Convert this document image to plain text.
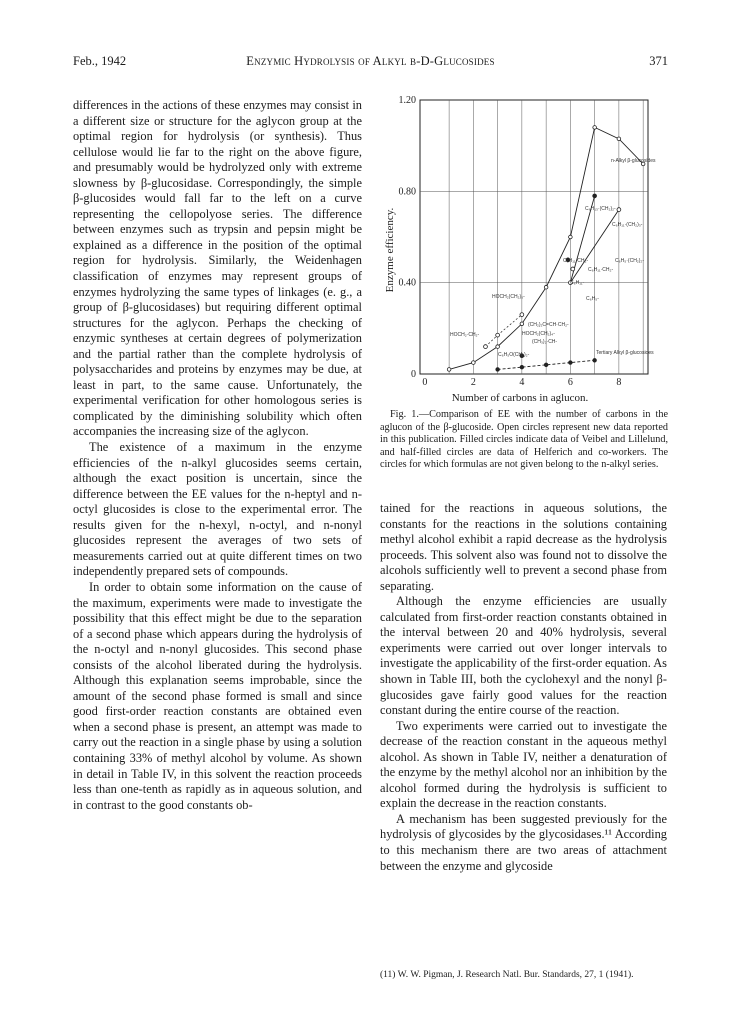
Feb., 1942	Enzymic Hydrolysis of Alkyl β-D-Glucosides	371

differences in the actions of these enzymes may consist in a different size or structure for the aglycon group at the optimal region for hydrolysis (or synthesis). Thus cellulose would lie far to the right on the above figure, and presumably would be hydrolyzed only with extreme slowness by β-glucosidase. Correspondingly, the simple β-glucosides would fall far to the left on a curve representing the cellopolyose series. The difference between enzymes such as trypsin and pepsin might be explained as a difference in the position of the optimal region for hydrolysis. Similarly, the Weidenhagen classification of enzymes may represent groups of enzymes hydrolyzing the same types of linkages (e. g., a group of β-glucosidases) but requiring different optimal structures for the aglycon. Perhaps the checking of enzymic syntheses at certain degrees of polymerization and the partial rather than the complete hydrolysis of polysaccharides and proteins by enzymes may be due, at least in part, to the same cause. Unfortunately, the experimental verification for other homologous series is complicated by the diminishing solubility which often accompanies the increasing size of the aglycon.

The existence of a maximum in the enzyme efficiencies of the n-alkyl glucosides seems certain, although the exact position is uncertain, since the difference between the EE values for the n-heptyl and n-octyl glucosides is close to the experimental error. The results given for the n-hexyl, n-octyl, and n-nonyl glucosides represent the averages of two sets of measurements carried out at quite different times on two independently prepared sets of compounds.

In order to obtain some information on the cause of the maximum, experiments were made to investigate the possibility that this effect might be due to the separation of a second phase which appears during the hydrolysis of the n-octyl and n-nonyl glucosides. This second phase consists of the alcohol liberated during the hydrolysis. Although this explanation seems improbable, since the amount of the second phase formed is small and since good first-order reaction constants are obtained even when a second phase is present, an attempt was made to carry out the reaction in a single phase by using a solution containing 33% of methyl alcohol by volume. As shown in detail in Table IV, in this solvent the reaction proceeds less than one-tenth as rapidly as in aqueous solution, and in contrast to the good constants ob-

0
0.40
0.80
1.20
0	2	4	6	8
n-Alkyl β-glucosides
C₆H₁₃·(CH₂)₂-
C₆H₁₁·(CH₂)₃-
C₆H₁₁·CH₂-	C₆H₅·(CH₂)₂-
C₆H₁₁·CH₂-
C₆H₁₁-
HOCH₂(CH₂)₅-	C₆H₅-
(CH₂)₂C=CH·CH₂-
HOCH₂·CH₂-	HOCH₂(CH₂)₄-
(CH₃)₂·CH-
C₆H₅O(CH₂)₂-	Tertiary Alkyl β-glucosides
Enzyme efficiency.
Number of carbons in aglucon.
Fig. 1.—Comparison of EE with the number of carbons in the aglucon of the β-glucoside. Open circles represent new data reported in this publication. Filled circles indicate data of Veibel and Lillelund, and half-filled circles are data of Helferich and co-workers. The circles for which formulas are not given belong to the n-alkyl series.

tained for the reactions in aqueous solutions, the constants for the reactions in the solutions containing methyl alcohol exhibit a rapid decrease as the hydrolysis proceeds. This solvent also was found not to dissolve the alcohols sufficiently well to prevent a second phase from separating.

Although the enzyme efficiencies are usually calculated from first-order reaction constants obtained in the interval between 20 and 40% hydrolysis, several experiments were carried out over longer intervals to investigate the applicability of the first-order equation. As shown in Table III, both the cyclohexyl and the nonyl β-glucosides gave fairly good values for the reaction constant during the entire course of the reaction.

Two experiments were carried out to investigate the decrease of the reaction constant in the aqueous methyl alcohol. As shown in Table IV, neither a denaturation of the enzyme by the methyl alcohol nor an inhibition by the alcohol formed during the hydrolysis is sufficient to explain the decrease in the reaction constants.

A mechanism has been suggested previously for the hydrolysis of glycosides by the glycosidases.¹¹ According to this mechanism there are two areas of attachment between the enzyme and glycoside

(11) W. W. Pigman, J. Research Natl. Bur. Standards, 27, 1 (1941).
